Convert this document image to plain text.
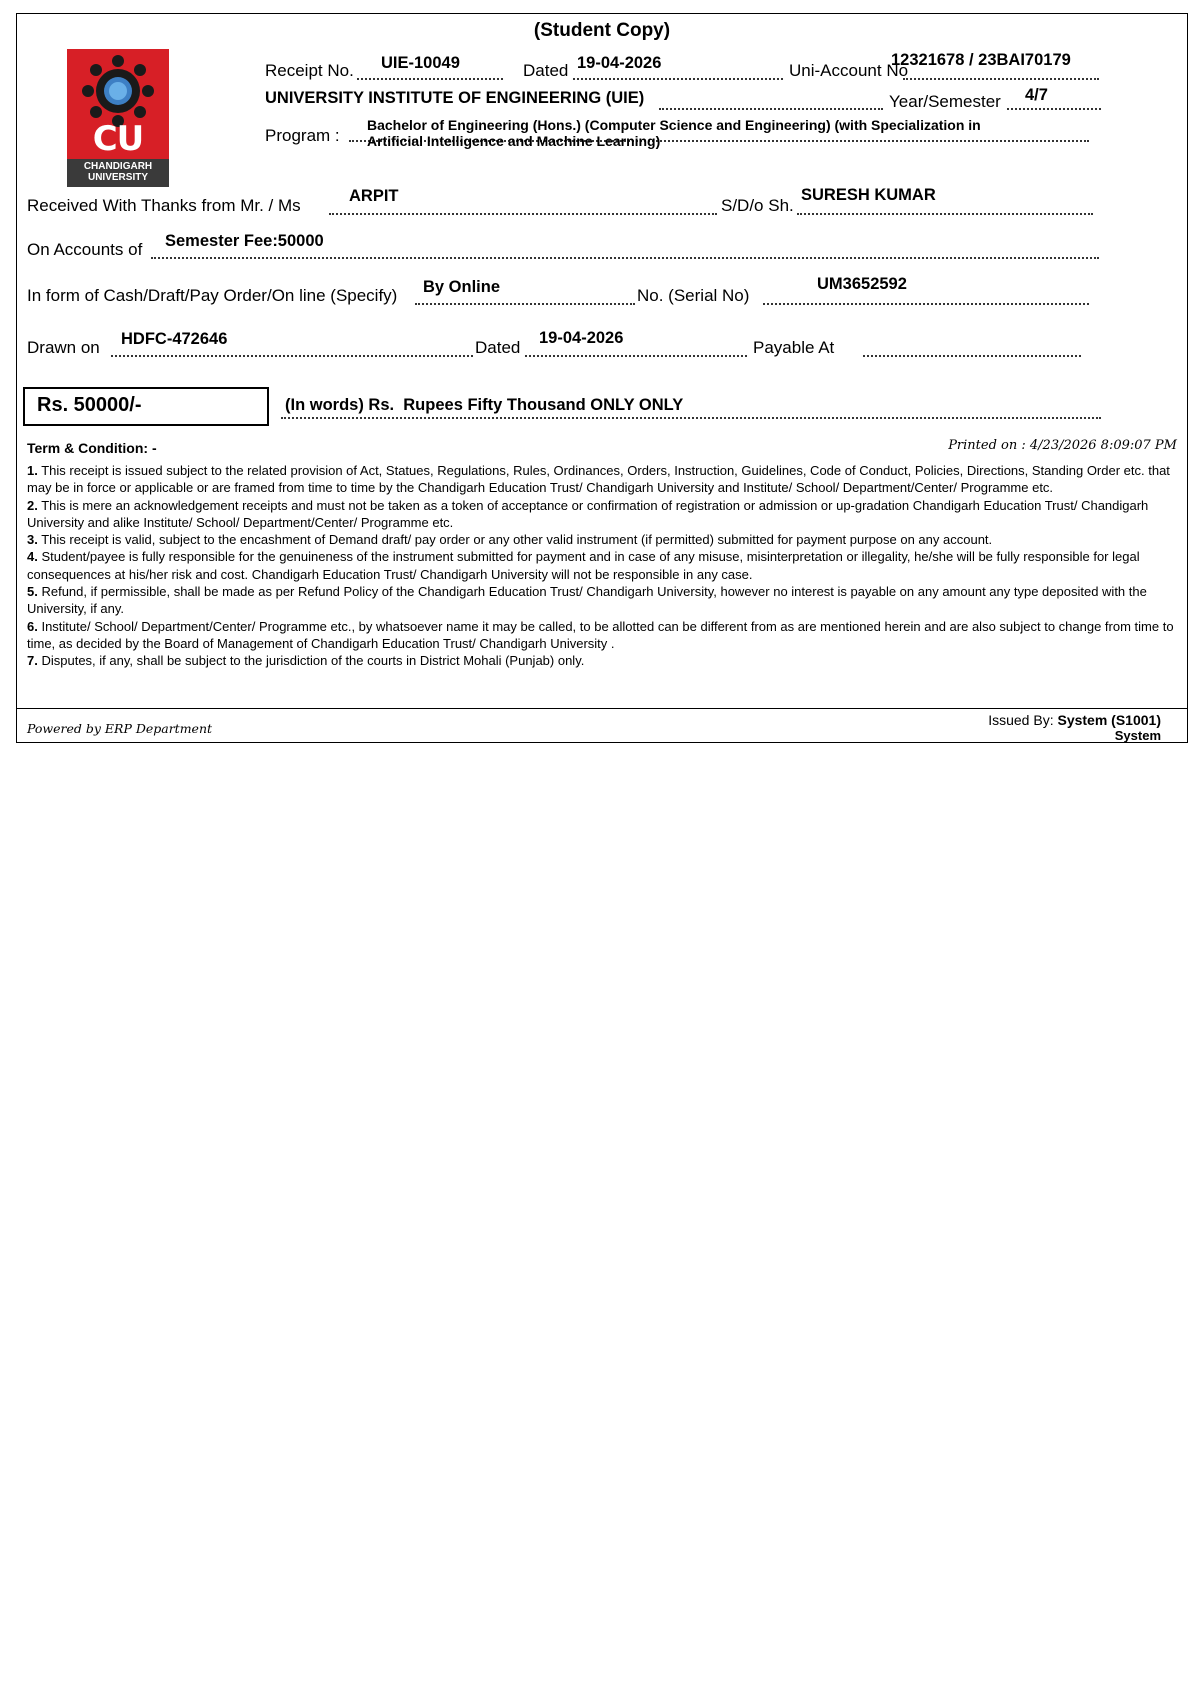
(Student Copy)
CU
CHANDIGARH
UNIVERSITY
Receipt No. UIE-10049	Dated 19-04-2026	Uni-Account No
12321678 / 23BAI70179
UNIVERSITY INSTITUTE OF ENGINEERING (UIE)	Year/Semester 4/7
Program :
Bachelor of Engineering (Hons.) (Computer Science and Engineering) (with Specialization in
Artificial Intelligence and Machine Learning)
Received With Thanks from Mr. / Ms	ARPIT	S/D/o Sh.
SURESH KUMAR
On Accounts of Semester Fee:50000
In form of Cash/Draft/Pay Order/On line (Specify) By Online	No. (Serial No)
UM3652592
Drawn on HDFC-472646	Dated 19-04-2026	Payable At
Rs. 50000/-	(In words) Rs. Rupees Fifty Thousand ONLY ONLY
Term & Condition: -	Printed on : 4/23/2026 8:09:07 PM

1. This receipt is issued subject to the related provision of Act, Statues, Regulations, Rules, Ordinances, Orders, Instruction, Guidelines, Code of Conduct, Policies, Directions, Standing Order etc. that may be in force or applicable or are framed from time to time by the Chandigarh Education Trust/ Chandigarh University and Institute/ School/ Department/Center/ Programme etc.

2. This is mere an acknowledgement receipts and must not be taken as a token of acceptance or confirmation of registration or admission or up-gradation Chandigarh Education Trust/ Chandigarh University and alike Institute/ School/ Department/Center/ Programme etc.

3. This receipt is valid, subject to the encashment of Demand draft/ pay order or any other valid instrument (if permitted) submitted for payment purpose on any account.

4. Student/payee is fully responsible for the genuineness of the instrument submitted for payment and in case of any misuse, misinterpretation or illegality, he/she will be fully responsible for legal consequences at his/her risk and cost. Chandigarh Education Trust/ Chandigarh University will not be responsible in any case.

5. Refund, if permissible, shall be made as per Refund Policy of the Chandigarh Education Trust/ Chandigarh University, however no interest is payable on any amount any type deposited with the University, if any.

6. Institute/ School/ Department/Center/ Programme etc., by whatsoever name it may be called, to be allotted can be different from as are mentioned herein and are also subject to change from time to time, as decided by the Board of Management of Chandigarh Education Trust/ Chandigarh University .

7. Disputes, if any, shall be subject to the jurisdiction of the courts in District Mohali (Punjab) only.

Powered by ERP Department
Issued By: System (S1001)
System
